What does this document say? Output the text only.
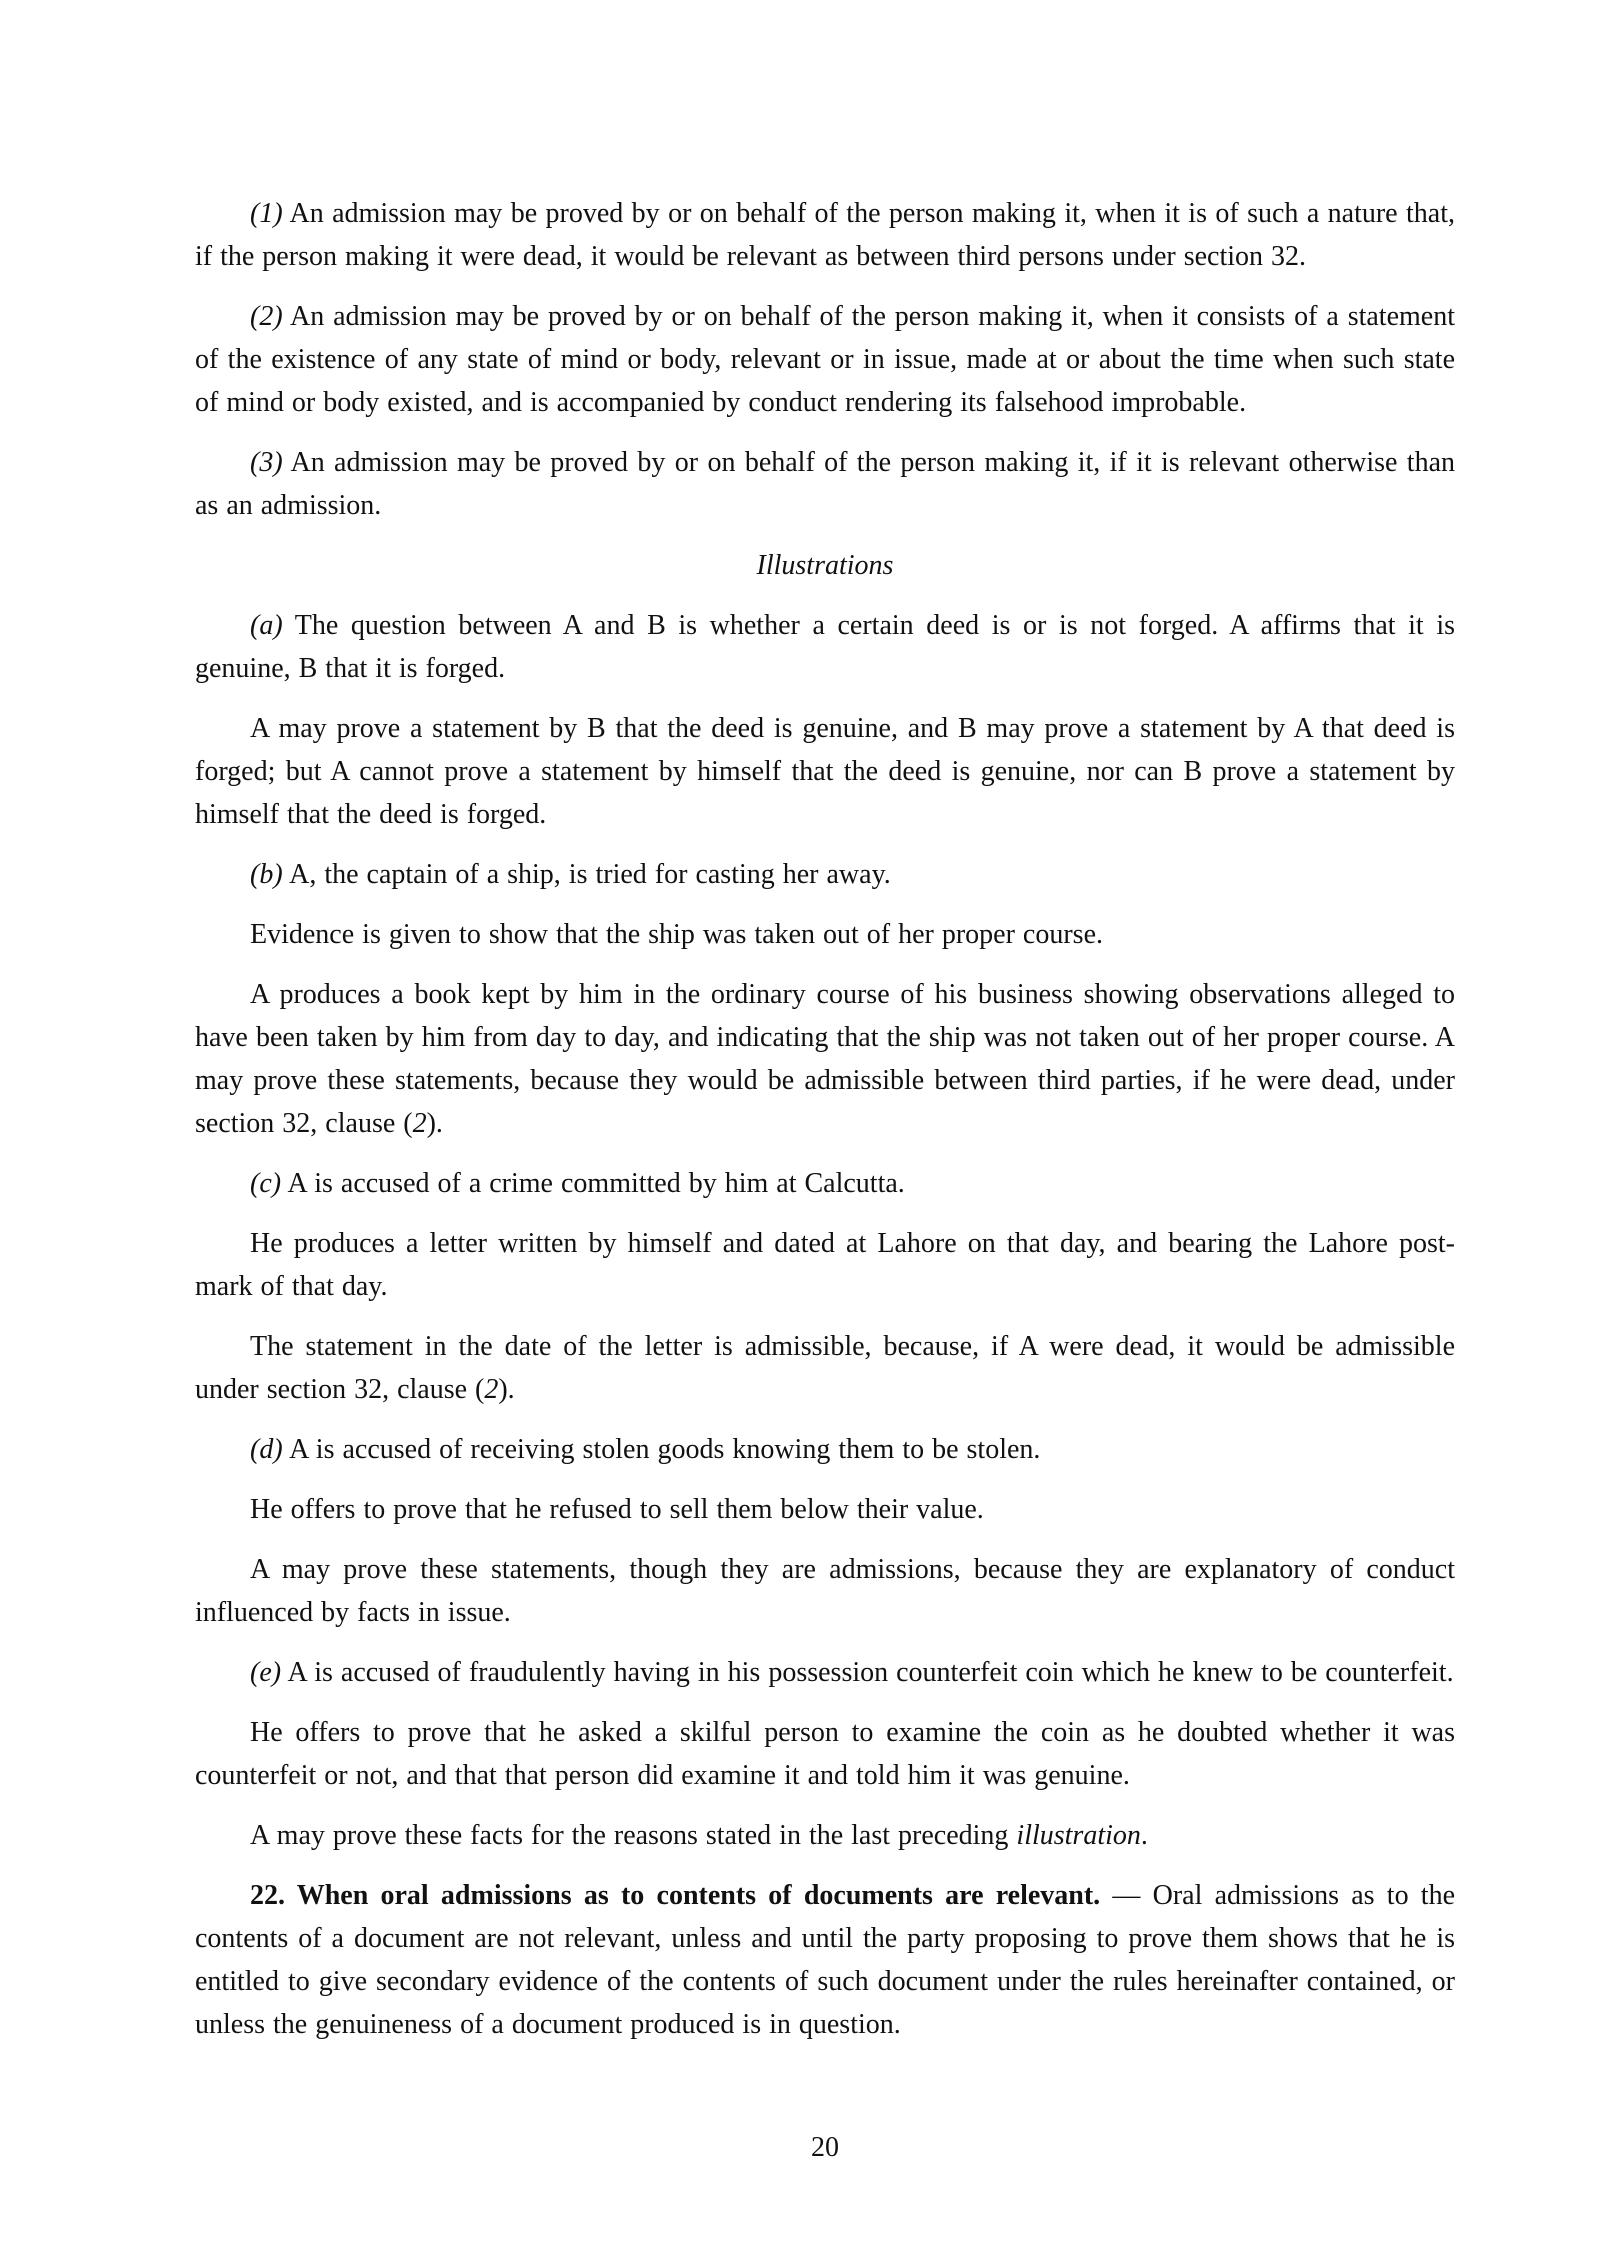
(1) An admission may be proved by or on behalf of the person making it, when it is of such a nature that, if the person making it were dead, it would be relevant as between third persons under section 32.

(2) An admission may be proved by or on behalf of the person making it, when it consists of a statement of the existence of any state of mind or body, relevant or in issue, made at or about the time when such state of mind or body existed, and is accompanied by conduct rendering its falsehood improbable.

(3) An admission may be proved by or on behalf of the person making it, if it is relevant otherwise than as an admission.

Illustrations

(a) The question between A and B is whether a certain deed is or is not forged. A affirms that it is genuine, B that it is forged.

A may prove a statement by B that the deed is genuine, and B may prove a statement by A that deed is forged; but A cannot prove a statement by himself that the deed is genuine, nor can B prove a statement by himself that the deed is forged.

(b) A, the captain of a ship, is tried for casting her away.

Evidence is given to show that the ship was taken out of her proper course.

A produces a book kept by him in the ordinary course of his business showing observations alleged to have been taken by him from day to day, and indicating that the ship was not taken out of her proper course. A may prove these statements, because they would be admissible between third parties, if he were dead, under section 32, clause (2).

(c) A is accused of a crime committed by him at Calcutta.

He produces a letter written by himself and dated at Lahore on that day, and bearing the Lahore post-mark of that day.

The statement in the date of the letter is admissible, because, if A were dead, it would be admissible under section 32, clause (2).

(d) A is accused of receiving stolen goods knowing them to be stolen.

He offers to prove that he refused to sell them below their value.

A may prove these statements, though they are admissions, because they are explanatory of conduct influenced by facts in issue.

(e) A is accused of fraudulently having in his possession counterfeit coin which he knew to be counterfeit.

He offers to prove that he asked a skilful person to examine the coin as he doubted whether it was counterfeit or not, and that that person did examine it and told him it was genuine.

A may prove these facts for the reasons stated in the last preceding illustration.

22. When oral admissions as to contents of documents are relevant. — Oral admissions as to the contents of a document are not relevant, unless and until the party proposing to prove them shows that he is entitled to give secondary evidence of the contents of such document under the rules hereinafter contained, or unless the genuineness of a document produced is in question.

20
